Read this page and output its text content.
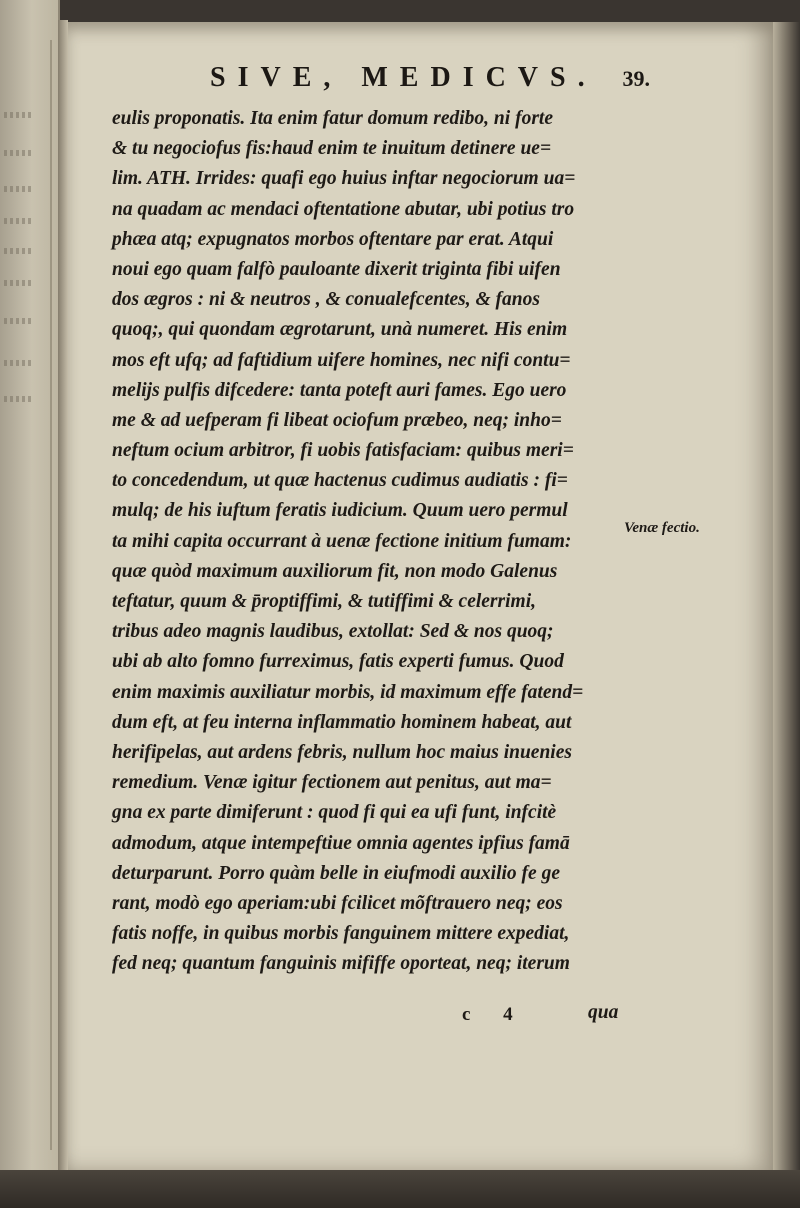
SIVE, MEDICVS. 39.
eulis proponatis. Ita enim fatur domum redibo, ni forte
& tu negociofus fis:haud enim te inuitum detinere ue=
lim. ATH. Irrides: quafi ego huius inftar negociorum ua=
na quadam ac mendaci oftentatione abutar, ubi potius tro
phæa atq; expugnatos morbos oftentare par erat. Atqui
noui ego quam falfò pauloante dixerit triginta fibi uifen
dos ægros : ni & neutros , & conualefcentes, & fanos
quoq;, qui quondam ægrotarunt, unà numeret. His enim
mos eft ufq; ad faftidium uifere homines, nec nifi contu=
melijs pulfis difcedere: tanta poteft auri fames. Ego uero
me & ad uefperam fi libeat ociofum præbeo, neq; inho=
neftum ocium arbitror, fi uobis fatisfaciam: quibus meri=
to concedendum, ut quæ hactenus cudimus audiatis : fi=
mulq; de his iuftum feratis iudicium. Quum uero permul
ta mihi capita occurrant à uenæ fectione initium fumam:
quæ quòd maximum auxiliorum fit, non modo Galenus
teftatur, quum & p̄roptiffimi, & tutiffimi & celerrimi,
tribus adeo magnis laudibus, extollat: Sed & nos quoq;
ubi ab alto fomno furreximus, fatis experti fumus. Quod
enim maximis auxiliatur morbis, id maximum effe fatend=
dum eft, at feu interna inflammatio hominem habeat, aut
herifipelas, aut ardens febris, nullum hoc maius inuenies
remedium. Venæ igitur fectionem aut penitus, aut ma=
gna ex parte dimiferunt : quod fi qui ea ufi funt, infcitè
admodum, atque intempeftiue omnia agentes ipfius famā
deturparunt. Porro quàm belle in eiufmodi auxilio fe ge
rant, modò ego aperiam:ubi fcilicet mõftrauero neq; eos
fatis noffe, in quibus morbis fanguinem mittere expediat,
fed neq; quantum fanguinis mififfe oporteat, neq; iterum
Venæ fectio.
c 4	qua
